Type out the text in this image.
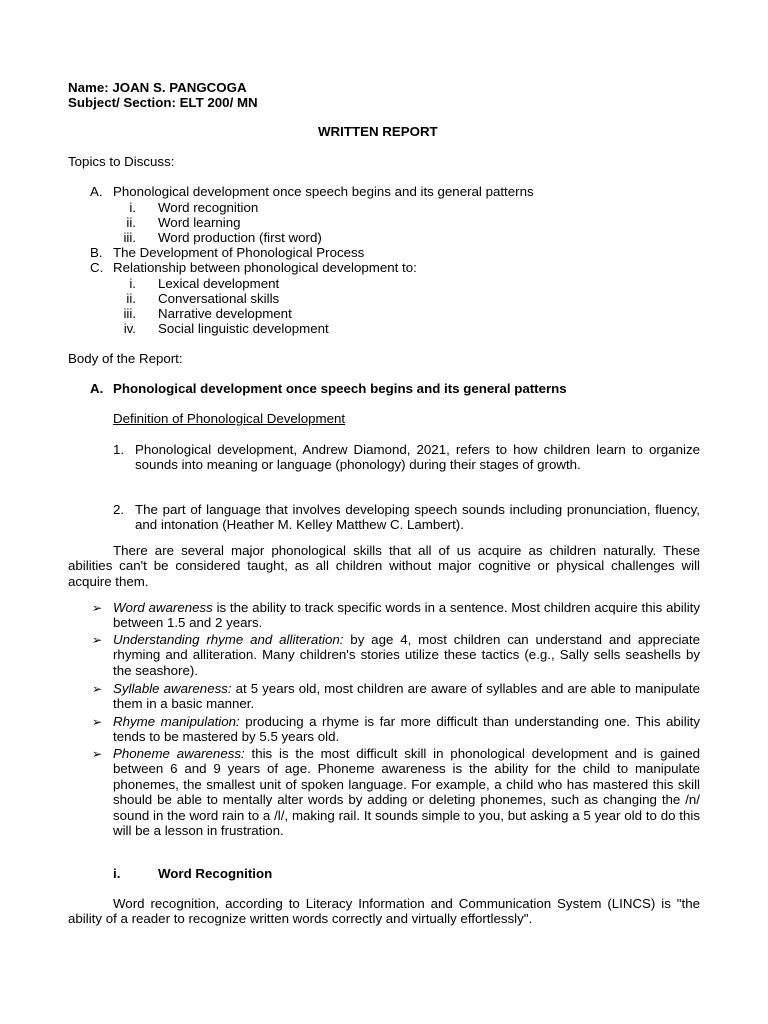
Name: JOAN S. PANGCOGA
Subject/ Section: ELT 200/ MN
WRITTEN REPORT
Topics to Discuss:
A. Phonological development once speech begins and its general patterns
i. Word recognition
ii. Word learning
iii. Word production (first word)
B. The Development of Phonological Process
C. Relationship between phonological development to:
i. Lexical development
ii. Conversational skills
iii. Narrative development
iv. Social linguistic development
Body of the Report:
A. Phonological development once speech begins and its general patterns
Definition of Phonological Development
1. Phonological development, Andrew Diamond, 2021, refers to how children learn to organize sounds into meaning or language (phonology) during their stages of growth.
2. The part of language that involves developing speech sounds including pronunciation, fluency, and intonation (Heather M. Kelley Matthew C. Lambert).
There are several major phonological skills that all of us acquire as children naturally. These abilities can't be considered taught, as all children without major cognitive or physical challenges will acquire them.
➢ Word awareness is the ability to track specific words in a sentence. Most children acquire this ability between 1.5 and 2 years.
➢ Understanding rhyme and alliteration: by age 4, most children can understand and appreciate rhyming and alliteration. Many children's stories utilize these tactics (e.g., Sally sells seashells by the seashore).
➢ Syllable awareness: at 5 years old, most children are aware of syllables and are able to manipulate them in a basic manner.
➢ Rhyme manipulation: producing a rhyme is far more difficult than understanding one. This ability tends to be mastered by 5.5 years old.
➢ Phoneme awareness: this is the most difficult skill in phonological development and is gained between 6 and 9 years of age. Phoneme awareness is the ability for the child to manipulate phonemes, the smallest unit of spoken language. For example, a child who has mastered this skill should be able to mentally alter words by adding or deleting phonemes, such as changing the /n/ sound in the word rain to a /l/, making rail. It sounds simple to you, but asking a 5 year old to do this will be a lesson in frustration.
i.	Word Recognition
Word recognition, according to Literacy Information and Communication System (LINCS) is "the ability of a reader to recognize written words correctly and virtually effortlessly".
